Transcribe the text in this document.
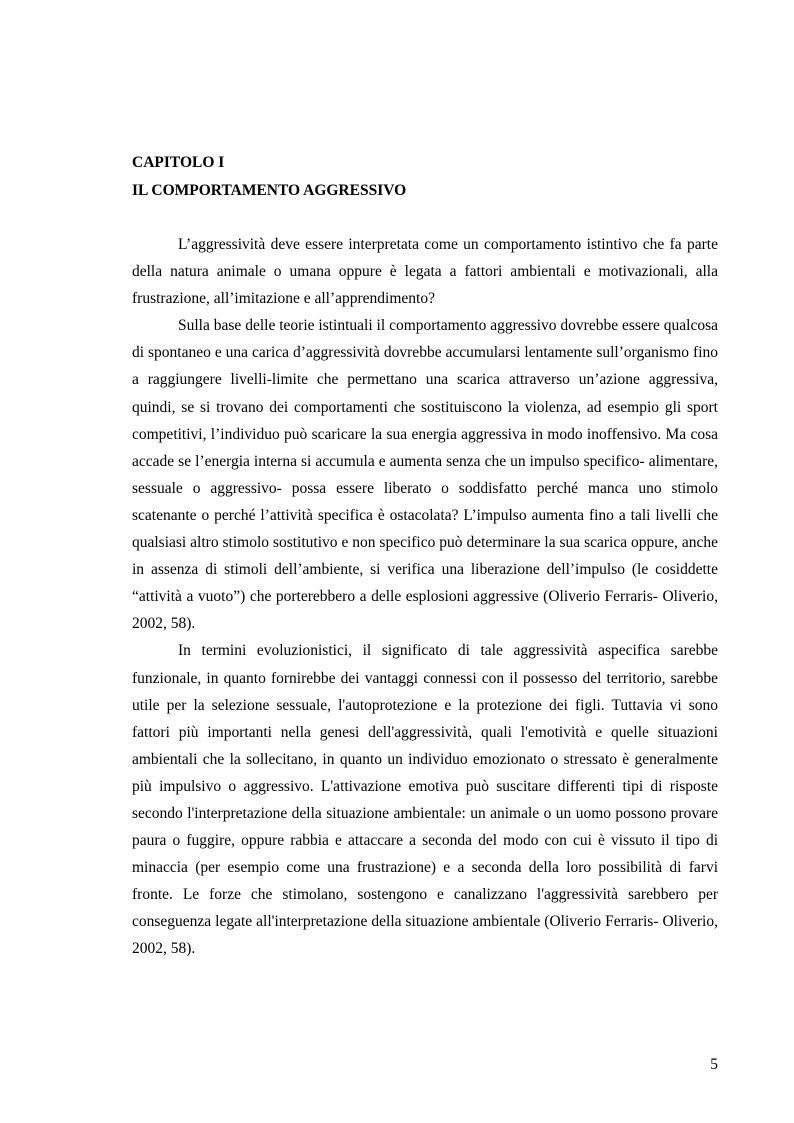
CAPITOLO I
IL COMPORTAMENTO AGGRESSIVO

L’aggressività deve essere interpretata come un comportamento istintivo che fa parte della natura animale o umana oppure è legata a fattori ambientali e motivazionali, alla frustrazione, all’imitazione e all’apprendimento?

Sulla base delle teorie istintuali il comportamento aggressivo dovrebbe essere qualcosa di spontaneo e una carica d’aggressività dovrebbe accumularsi lentamente sull’organismo fino a raggiungere livelli-limite che permettano una scarica attraverso un’azione aggressiva, quindi, se si trovano dei comportamenti che sostituiscono la violenza, ad esempio gli sport competitivi, l’individuo può scaricare la sua energia aggressiva in modo inoffensivo. Ma cosa accade se l’energia interna si accumula e aumenta senza che un impulso specifico- alimentare, sessuale o aggressivo- possa essere liberato o soddisfatto perché manca uno stimolo scatenante o perché l’attività specifica è ostacolata? L’impulso aumenta fino a tali livelli che qualsiasi altro stimolo sostitutivo e non specifico può determinare la sua scarica oppure, anche in assenza di stimoli dell’ambiente, si verifica una liberazione dell’impulso (le cosiddette “attività a vuoto”) che porterebbero a delle esplosioni aggressive (Oliverio Ferraris- Oliverio, 2002, 58).

In termini evoluzionistici, il significato di tale aggressività aspecifica sarebbe funzionale, in quanto fornirebbe dei vantaggi connessi con il possesso del territorio, sarebbe utile per la selezione sessuale, l'autoprotezione e la protezione dei figli. Tuttavia vi sono fattori più importanti nella genesi dell'aggressività, quali l'emotività e quelle situazioni ambientali che la sollecitano, in quanto un individuo emozionato o stressato è generalmente più impulsivo o aggressivo. L'attivazione emotiva può suscitare differenti tipi di risposte secondo l'interpretazione della situazione ambientale: un animale o un uomo possono provare paura o fuggire, oppure rabbia e attaccare a seconda del modo con cui è vissuto il tipo di minaccia (per esempio come una frustrazione) e a seconda della loro possibilità di farvi fronte. Le forze che stimolano, sostengono e canalizzano l'aggressività sarebbero per conseguenza legate all'interpretazione della situazione ambientale (Oliverio Ferraris- Oliverio, 2002, 58).

5
